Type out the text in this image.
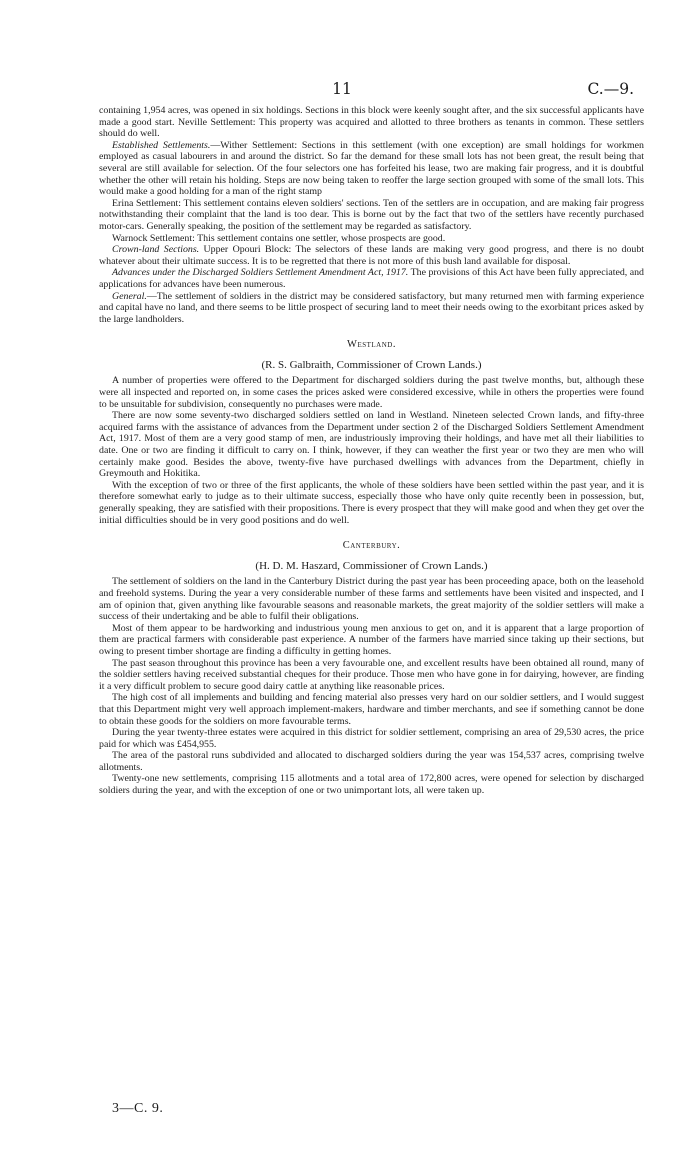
11	C.—9.

containing 1,954 acres, was opened in six holdings. Sections in this block were keenly sought after, and the six successful applicants have made a good start. Neville Settlement: This property was acquired and allotted to three brothers as tenants in common. These settlers should do well.

Established Settlements.—Wither Settlement: Sections in this settlement (with one exception) are small holdings for workmen employed as casual labourers in and around the district. So far the demand for these small lots has not been great, the result being that several are still available for selection. Of the four selectors one has forfeited his lease, two are making fair progress, and it is doubtful whether the other will retain his holding. Steps are now being taken to reoffer the large section grouped with some of the small lots. This would make a good holding for a man of the right stamp

Erina Settlement: This settlement contains eleven soldiers' sections. Ten of the settlers are in occupation, and are making fair progress notwithstanding their complaint that the land is too dear. This is borne out by the fact that two of the settlers have recently purchased motor-cars. Generally speaking, the position of the settlement may be regarded as satisfactory.

Warnock Settlement: This settlement contains one settler, whose prospects are good.

Crown-land Sections. Upper Opouri Block: The selectors of these lands are making very good progress, and there is no doubt whatever about their ultimate success. It is to be regretted that there is not more of this bush land available for disposal.

Advances under the Discharged Soldiers Settlement Amendment Act, 1917. The provisions of this Act have been fully appreciated, and applications for advances have been numerous.

General.—The settlement of soldiers in the district may be considered satisfactory, but many returned men with farming experience and capital have no land, and there seems to be little prospect of securing land to meet their needs owing to the exorbitant prices asked by the large landholders.

Westland.

(R. S. Galbraith, Commissioner of Crown Lands.)

A number of properties were offered to the Department for discharged soldiers during the past twelve months, but, although these were all inspected and reported on, in some cases the prices asked were considered excessive, while in others the properties were found to be unsuitable for subdivision, consequently no purchases were made.

There are now some seventy-two discharged soldiers settled on land in Westland. Nineteen selected Crown lands, and fifty-three acquired farms with the assistance of advances from the Department under section 2 of the Discharged Soldiers Settlement Amendment Act, 1917. Most of them are a very good stamp of men, are industriously improving their holdings, and have met all their liabilities to date. One or two are finding it difficult to carry on. I think, however, if they can weather the first year or two they are men who will certainly make good. Besides the above, twenty-five have purchased dwellings with advances from the Department, chiefly in Greymouth and Hokitika.

With the exception of two or three of the first applicants, the whole of these soldiers have been settled within the past year, and it is therefore somewhat early to judge as to their ultimate success, especially those who have only quite recently been in possession, but, generally speaking, they are satisfied with their propositions. There is every prospect that they will make good and when they get over the initial difficulties should be in very good positions and do well.

Canterbury.

(H. D. M. Haszard, Commissioner of Crown Lands.)

The settlement of soldiers on the land in the Canterbury District during the past year has been proceeding apace, both on the leasehold and freehold systems. During the year a very considerable number of these farms and settlements have been visited and inspected, and I am of opinion that, given anything like favourable seasons and reasonable markets, the great majority of the soldier settlers will make a success of their undertaking and be able to fulfil their obligations.

Most of them appear to be hardworking and industrious young men anxious to get on, and it is apparent that a large proportion of them are practical farmers with considerable past experience. A number of the farmers have married since taking up their sections, but owing to present timber shortage are finding a difficulty in getting homes.

The past season throughout this province has been a very favourable one, and excellent results have been obtained all round, many of the soldier settlers having received substantial cheques for their produce. Those men who have gone in for dairying, however, are finding it a very difficult problem to secure good dairy cattle at anything like reasonable prices.

The high cost of all implements and building and fencing material also presses very hard on our soldier settlers, and I would suggest that this Department might very well approach implement-makers, hardware and timber merchants, and see if something cannot be done to obtain these goods for the soldiers on more favourable terms.

During the year twenty-three estates were acquired in this district for soldier settlement, comprising an area of 29,530 acres, the price paid for which was £454,955.

The area of the pastoral runs subdivided and allocated to discharged soldiers during the year was 154,537 acres, comprising twelve allotments.

Twenty-one new settlements, comprising 115 allotments and a total area of 172,800 acres, were opened for selection by discharged soldiers during the year, and with the exception of one or two unimportant lots, all were taken up.

3—C. 9.
